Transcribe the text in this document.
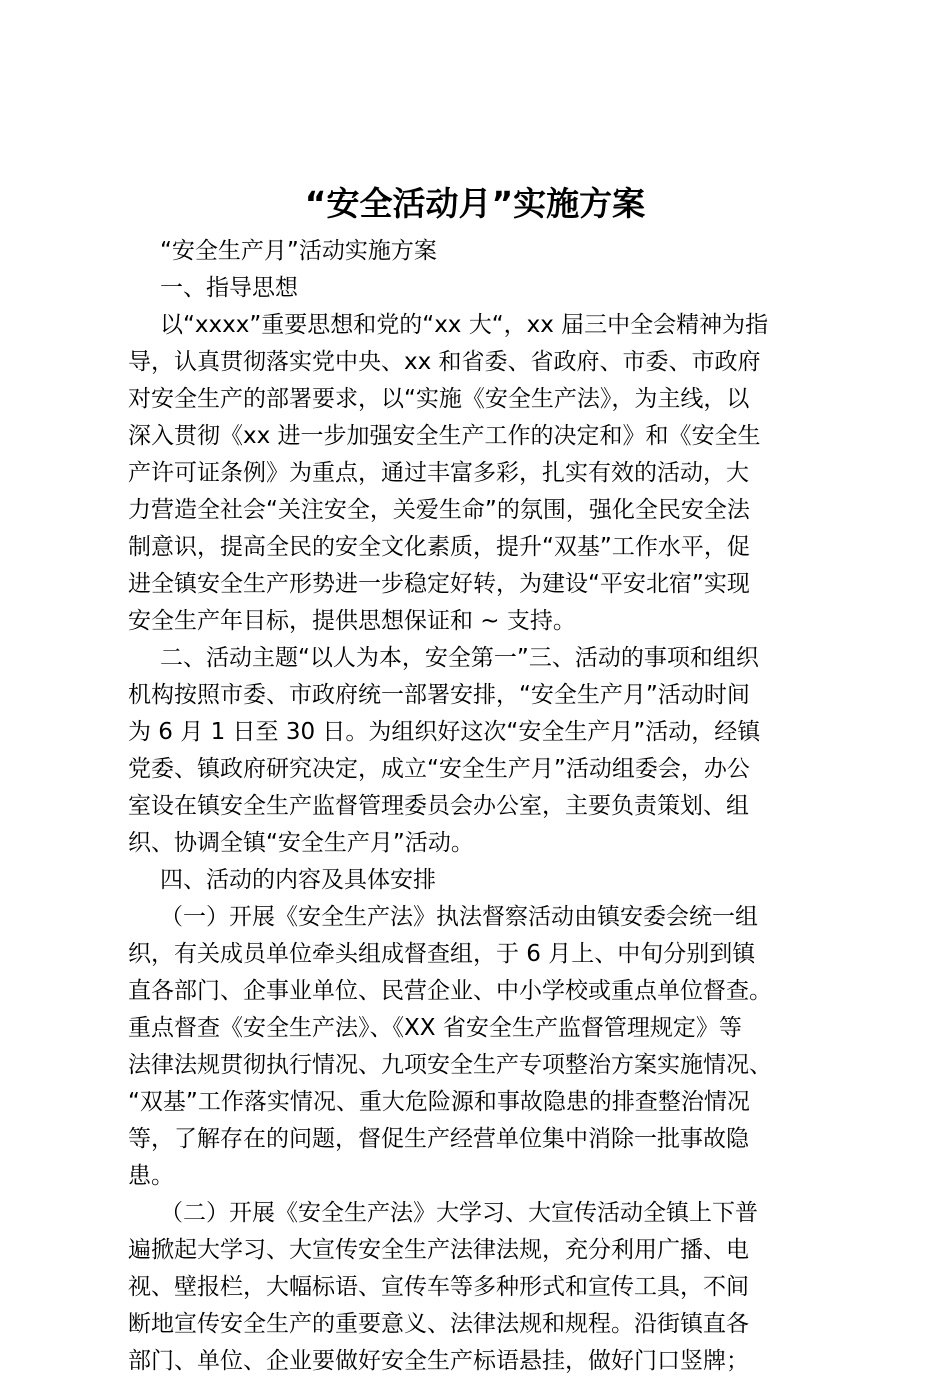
“安全活动月”实施方案
“安全生产月”活动实施方案
一、指导思想
以“xxxx”重要思想和党的“xx 大“，xx 届三中全会精神为指
导，认真贯彻落实党中央、xx 和省委、省政府、市委、市政府
对安全生产的部署要求，以“实施《安全生产法》，为主线，以
深入贯彻《xx 进一步加强安全生产工作的决定和》和《安全生
产许可证条例》为重点，通过丰富多彩，扎实有效的活动，大
力营造全社会“关注安全，关爱生命”的氛围，强化全民安全法
制意识，提高全民的安全文化素质，提升“双基”工作水平，促
进全镇安全生产形势进一步稳定好转，为建设“平安北宿”实现
安全生产年目标，提供思想保证和 ~ 支持。
二、活动主题“以人为本，安全第一”三、活动的事项和组织
机构按照市委、市政府统一部署安排，“安全生产月”活动时间
为 6 月 1 日至 30 日。为组织好这次“安全生产月”活动，经镇
党委、镇政府研究决定，成立“安全生产月”活动组委会，办公
室设在镇安全生产监督管理委员会办公室，主要负责策划、组
织、协调全镇“安全生产月”活动。
四、活动的内容及具体安排
（一）开展《安全生产法》执法督察活动由镇安委会统一组
织，有关成员单位牵头组成督查组，于 6 月上、中旬分别到镇
直各部门、企事业单位、民营企业、中小学校或重点单位督查。
重点督查《安全生产法》、《XX 省安全生产监督管理规定》等
法律法规贯彻执行情况、九项安全生产专项整治方案实施情况、
“双基”工作落实情况、重大危险源和事故隐患的排查整治情况
等，了解存在的问题，督促生产经营单位集中消除一批事故隐
患。
（二）开展《安全生产法》大学习、大宣传活动全镇上下普
遍掀起大学习、大宣传安全生产法律法规，充分利用广播、电
视、壁报栏，大幅标语、宣传车等多种形式和宣传工具，不间
断地宣传安全生产的重要意义、法律法规和规程。沿街镇直各
部门、单位、企业要做好安全生产标语悬挂，做好门口竖牌；
